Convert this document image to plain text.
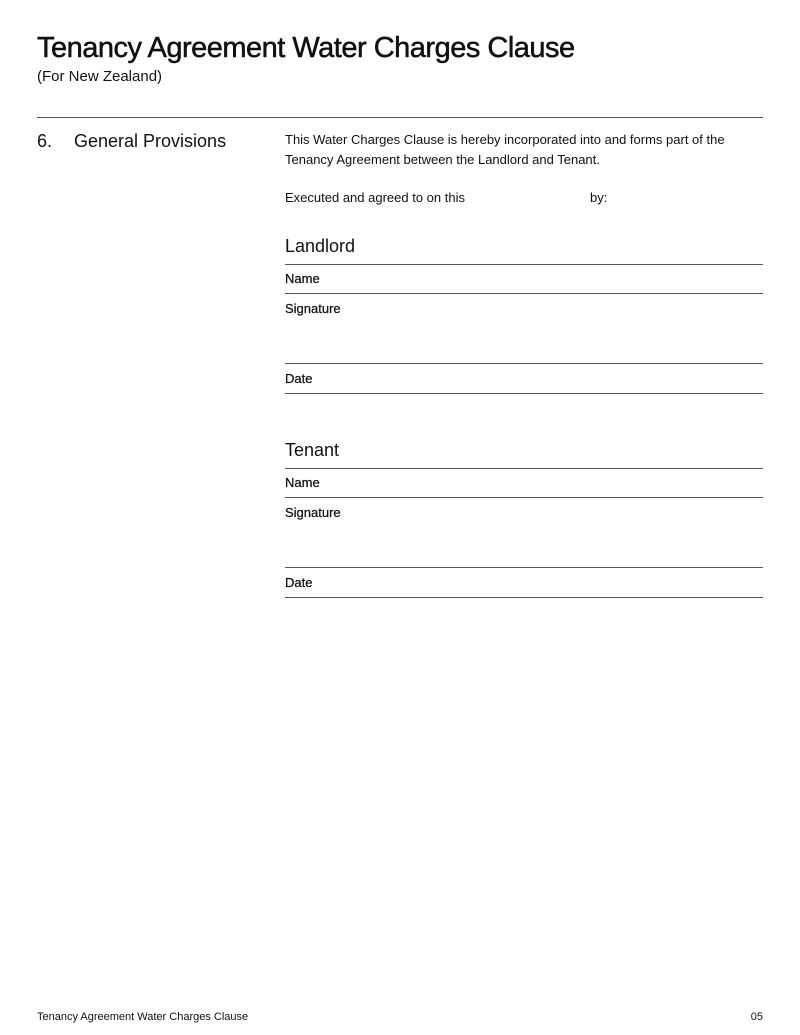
Tenancy Agreement Water Charges Clause
(For New Zealand)
6. General Provisions	This Water Charges Clause is hereby incorporated into and forms part of the Tenancy Agreement between the Landlord and Tenant.
Executed and agreed to on this	by:
Landlord
Name
Signature
Date
Tenant
Name
Signature
Date
Tenancy Agreement Water Charges Clause	05
